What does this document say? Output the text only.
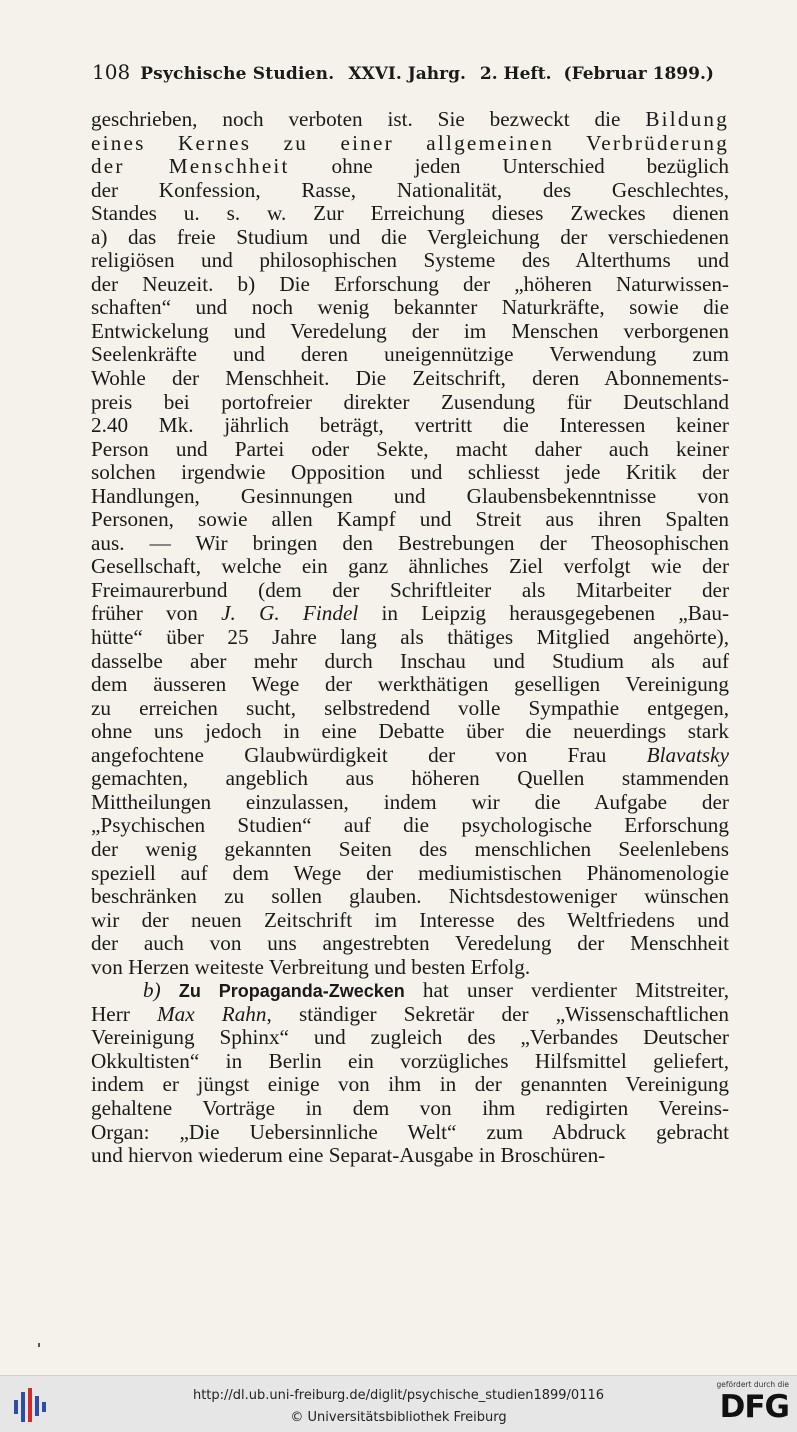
108 Psychische Studien. XXVI. Jahrg. 2. Heft. (Februar 1899.)
geschrieben, noch verboten ist. Sie bezweckt die Bildung
eines Kernes zu einer allgemeinen Verbrüderung
der Menschheit ohne jeden Unterschied bezüglich
der Konfession, Rasse, Nationalität, des Geschlechtes,
Standes u. s. w. Zur Erreichung dieses Zweckes dienen
a) das freie Studium und die Vergleichung der verschiedenen
religiösen und philosophischen Systeme des Alterthums und
der Neuzeit. b) Die Erforschung der „höheren Naturwissen-
schaften“ und noch wenig bekannter Naturkräfte, sowie die
Entwickelung und Veredelung der im Menschen verborgenen
Seelenkräfte und deren uneigennützige Verwendung zum
Wohle der Menschheit. Die Zeitschrift, deren Abonnements-
preis bei portofreier direkter Zusendung für Deutschland
2.40 Mk. jährlich beträgt, vertritt die Interessen keiner
Person und Partei oder Sekte, macht daher auch keiner
solchen irgendwie Opposition und schliesst jede Kritik der
Handlungen, Gesinnungen und Glaubensbekenntnisse von
Personen, sowie allen Kampf und Streit aus ihren Spalten
aus. — Wir bringen den Bestrebungen der Theosophischen
Gesellschaft, welche ein ganz ähnliches Ziel verfolgt wie der
Freimaurerbund (dem der Schriftleiter als Mitarbeiter der
früher von J. G. Findel in Leipzig herausgegebenen „Bau-
hütte“ über 25 Jahre lang als thätiges Mitglied angehörte),
dasselbe aber mehr durch Inschau und Studium als auf
dem äusseren Wege der werkthätigen geselligen Vereinigung
zu erreichen sucht, selbstredend volle Sympathie entgegen,
ohne uns jedoch in eine Debatte über die neuerdings stark
angefochtene Glaubwürdigkeit der von Frau Blavatsky
gemachten, angeblich aus höheren Quellen stammenden
Mittheilungen einzulassen, indem wir die Aufgabe der
„Psychischen Studien“ auf die psychologische Erforschung
der wenig gekannten Seiten des menschlichen Seelenlebens
speziell auf dem Wege der mediumistischen Phänomenologie
beschränken zu sollen glauben. Nichtsdestoweniger wünschen
wir der neuen Zeitschrift im Interesse des Weltfriedens und
der auch von uns angestrebten Veredelung der Menschheit
von Herzen weiteste Verbreitung und besten Erfolg.
b) Zu Propaganda-Zwecken hat unser verdienter Mitstreiter,
Herr Max Rahn, ständiger Sekretär der „Wissenschaftlichen
Vereinigung Sphinx“ und zugleich des „Verbandes Deutscher
Okkultisten“ in Berlin ein vorzügliches Hilfsmittel geliefert,
indem er jüngst einige von ihm in der genannten Vereinigung
gehaltene Vorträge in dem von ihm redigirten Vereins-
Organ: „Die Uebersinnliche Welt“ zum Abdruck gebracht
und hiervon wiederum eine Separat-Ausgabe in Broschüren-
http://dl.ub.uni-freiburg.de/diglit/psychische_studien1899/0116
© Universitätsbibliothek Freiburg
gefördert durch die
DFG
